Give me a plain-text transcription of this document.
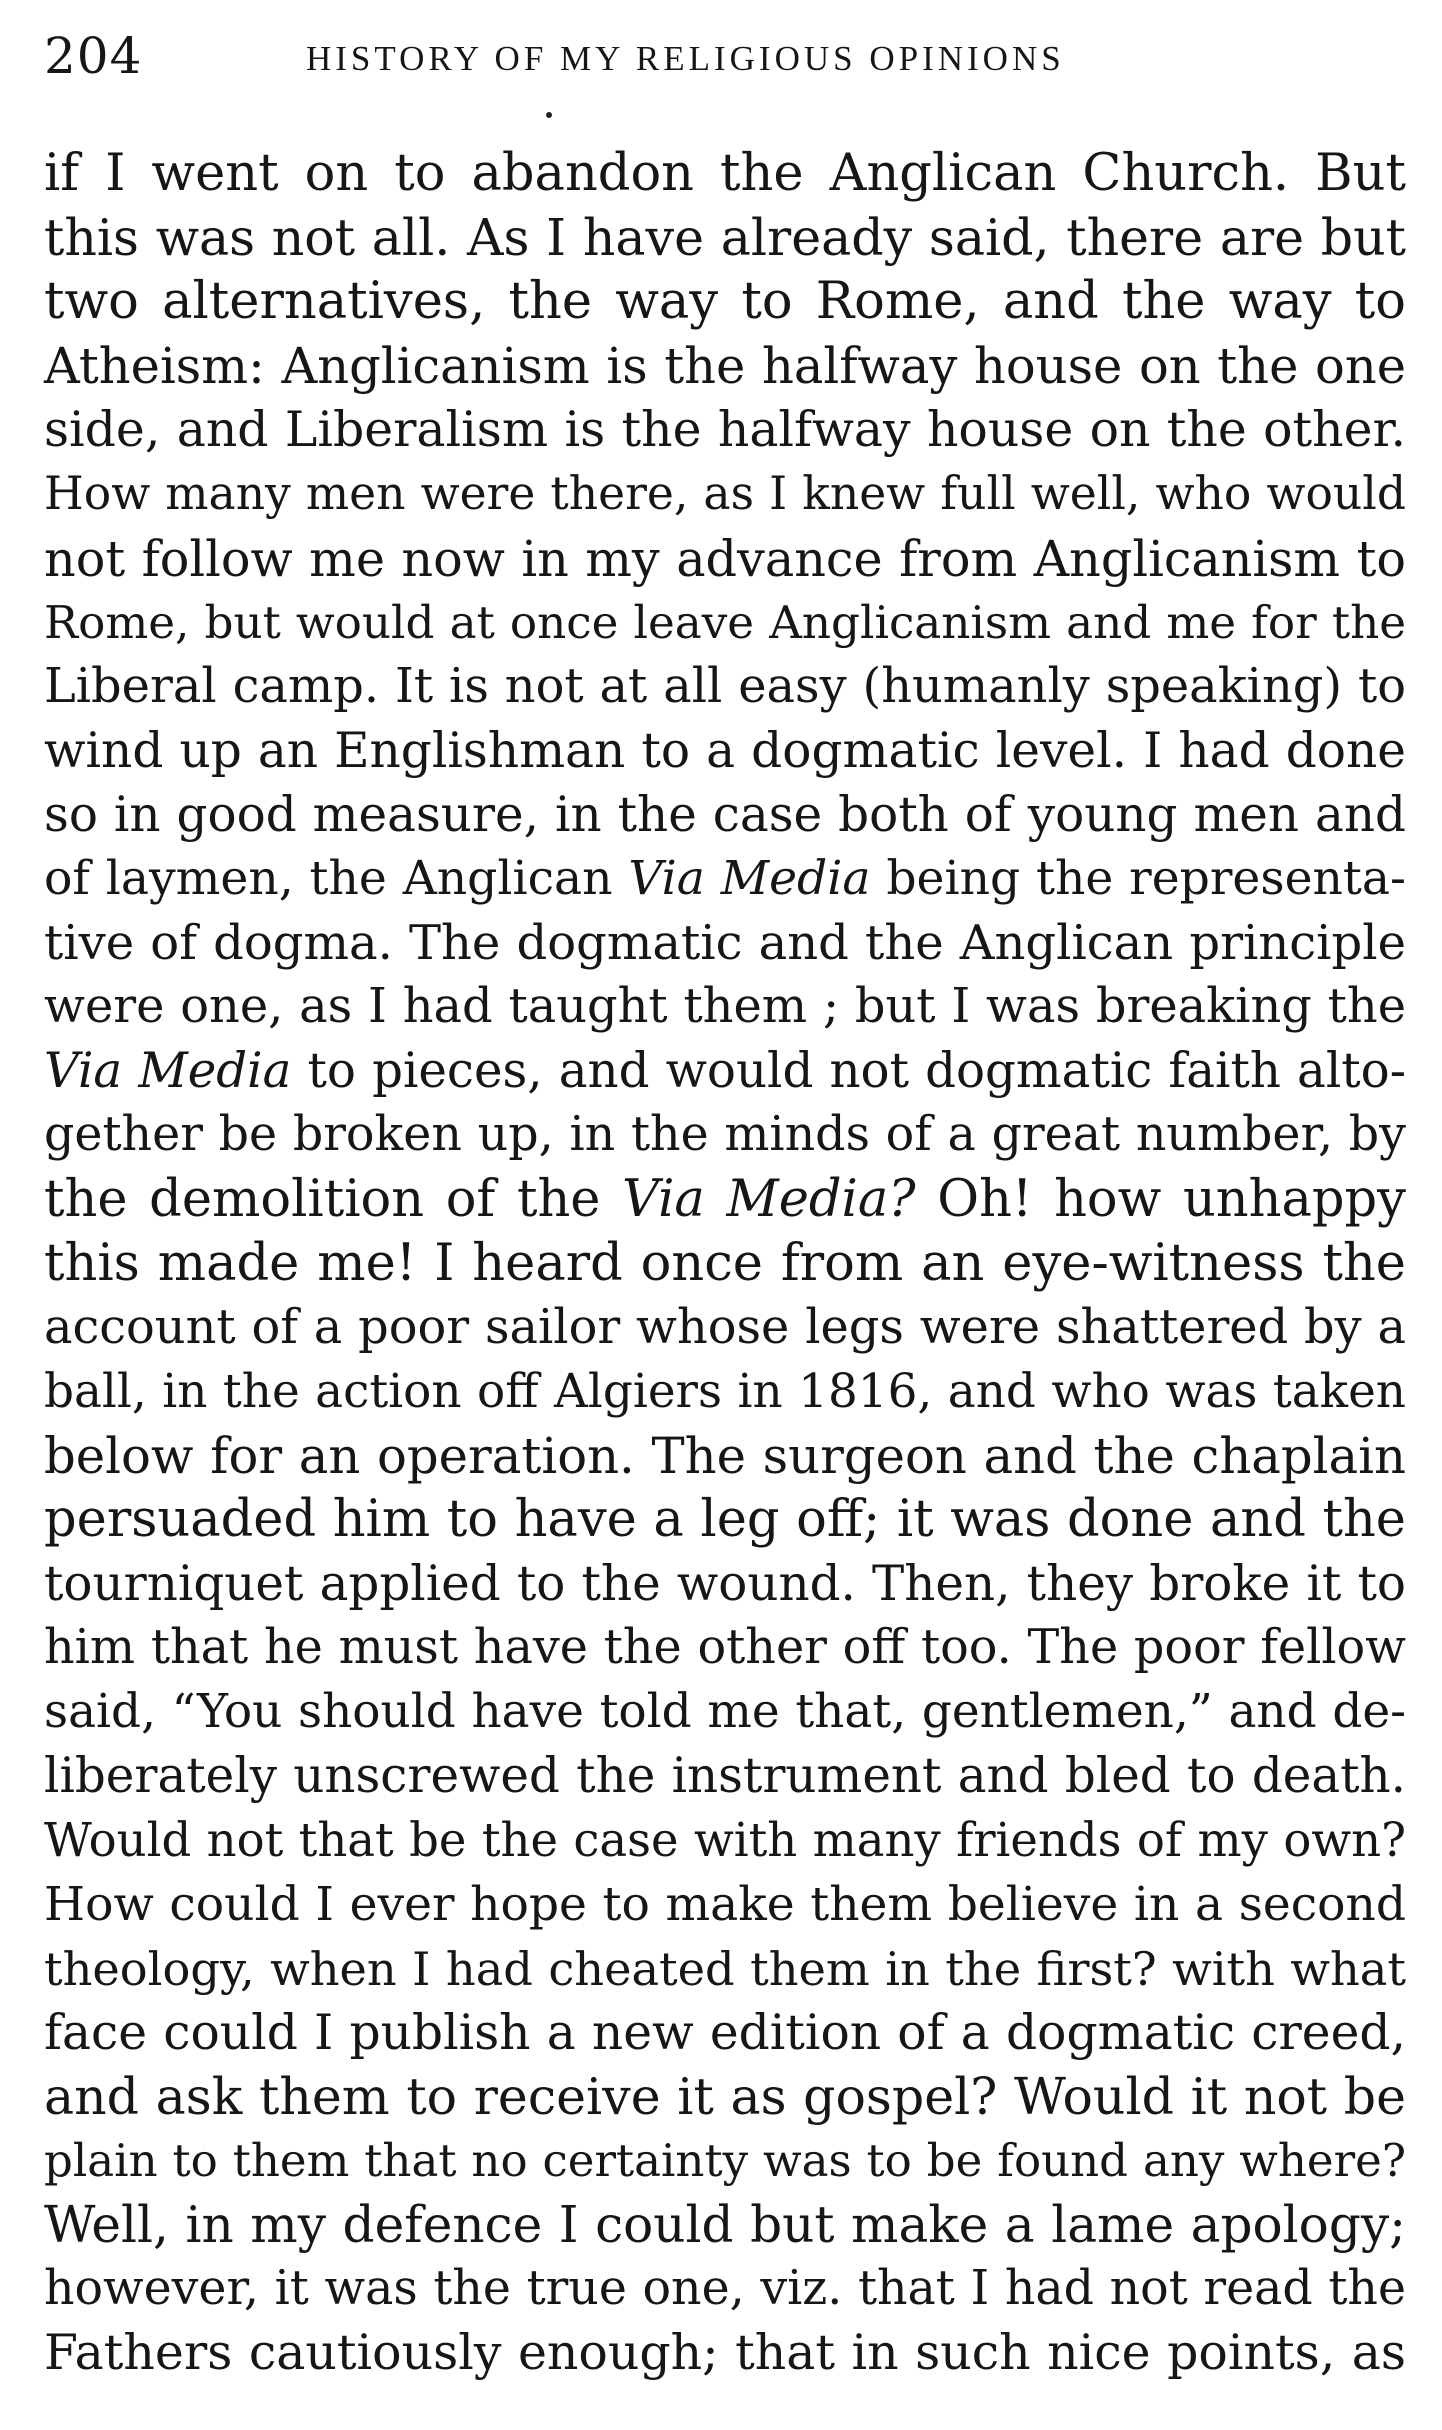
204	HISTORY OF MY RELIGIOUS OPINIONS
if I went on to abandon the Anglican Church. But
this was not all. As I have already said, there are but
two alternatives, the way to Rome, and the way to
Atheism: Anglicanism is the halfway house on the one
side, and Liberalism is the halfway house on the other.
How many men were there, as I knew full well, who would
not follow me now in my advance from Anglicanism to
Rome, but would at once leave Anglicanism and me for the
Liberal camp. It is not at all easy (humanly speaking) to
wind up an Englishman to a dogmatic level. I had done
so in good measure, in the case both of young men and
of laymen, the Anglican Via Media being the representa-
tive of dogma. The dogmatic and the Anglican principle
were one, as I had taught them ; but I was breaking the
Via Media to pieces, and would not dogmatic faith alto-
gether be broken up, in the minds of a great number, by
the demolition of the Via Media? Oh! how unhappy
this made me! I heard once from an eye-witness the
account of a poor sailor whose legs were shattered by a
ball, in the action off Algiers in 1816, and who was taken
below for an operation. The surgeon and the chaplain
persuaded him to have a leg off; it was done and the
tourniquet applied to the wound. Then, they broke it to
him that he must have the other off too. The poor fellow
said, “You should have told me that, gentlemen,” and de-
liberately unscrewed the instrument and bled to death.
Would not that be the case with many friends of my own?
How could I ever hope to make them believe in a second
theology, when I had cheated them in the first? with what
face could I publish a new edition of a dogmatic creed,
and ask them to receive it as gospel? Would it not be
plain to them that no certainty was to be found any where?
Well, in my defence I could but make a lame apology;
however, it was the true one, viz. that I had not read the
Fathers cautiously enough; that in such nice points, as
